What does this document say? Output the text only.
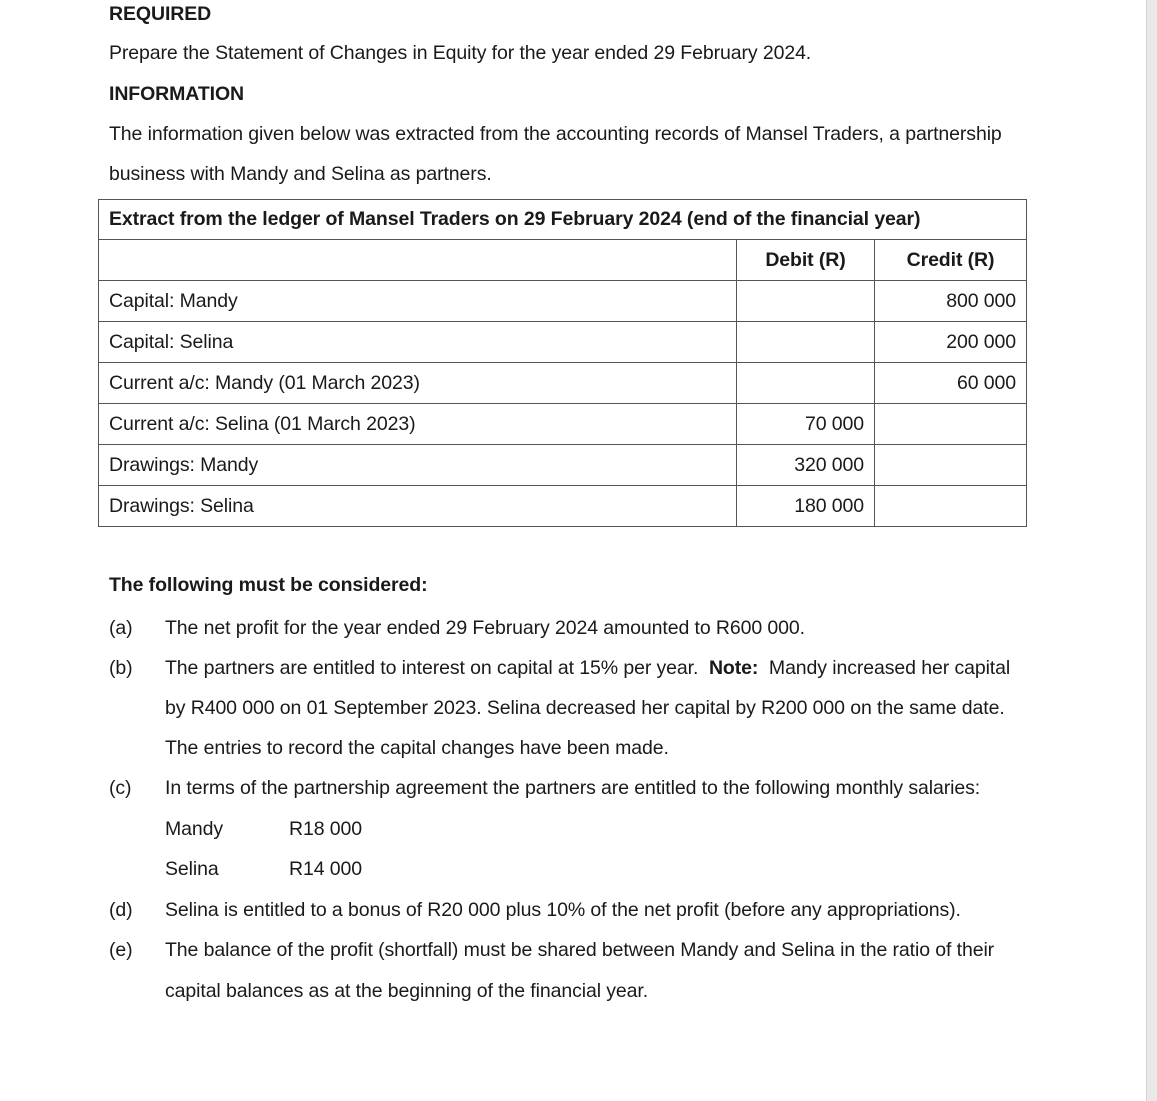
REQUIRED
Prepare the Statement of Changes in Equity for the year ended 29 February 2024.
INFORMATION
The information given below was extracted from the accounting records of Mansel Traders, a partnership
business with Mandy and Selina as partners.
Extract from the ledger of Mansel Traders on 29 February 2024 (end of the financial year)		
	Debit (R)	Credit (R)
Capital: Mandy		800 000
Capital: Selina		200 000
Current a/c: Mandy (01 March 2023)		60 000
Current a/c: Selina (01 March 2023)	70 000	
Drawings: Mandy	320 000	
Drawings: Selina	180 000	
The following must be considered:
(a) The net profit for the year ended 29 February 2024 amounted to R600 000.
(b) The partners are entitled to interest on capital at 15% per year. Note: Mandy increased her capital
by R400 000 on 01 September 2023. Selina decreased her capital by R200 000 on the same date.
The entries to record the capital changes have been made.
(c) In terms of the partnership agreement the partners are entitled to the following monthly salaries:
Mandy	R18 000
Selina	R14 000
(d) Selina is entitled to a bonus of R20 000 plus 10% of the net profit (before any appropriations).
(e) The balance of the profit (shortfall) must be shared between Mandy and Selina in the ratio of their
capital balances as at the beginning of the financial year.
